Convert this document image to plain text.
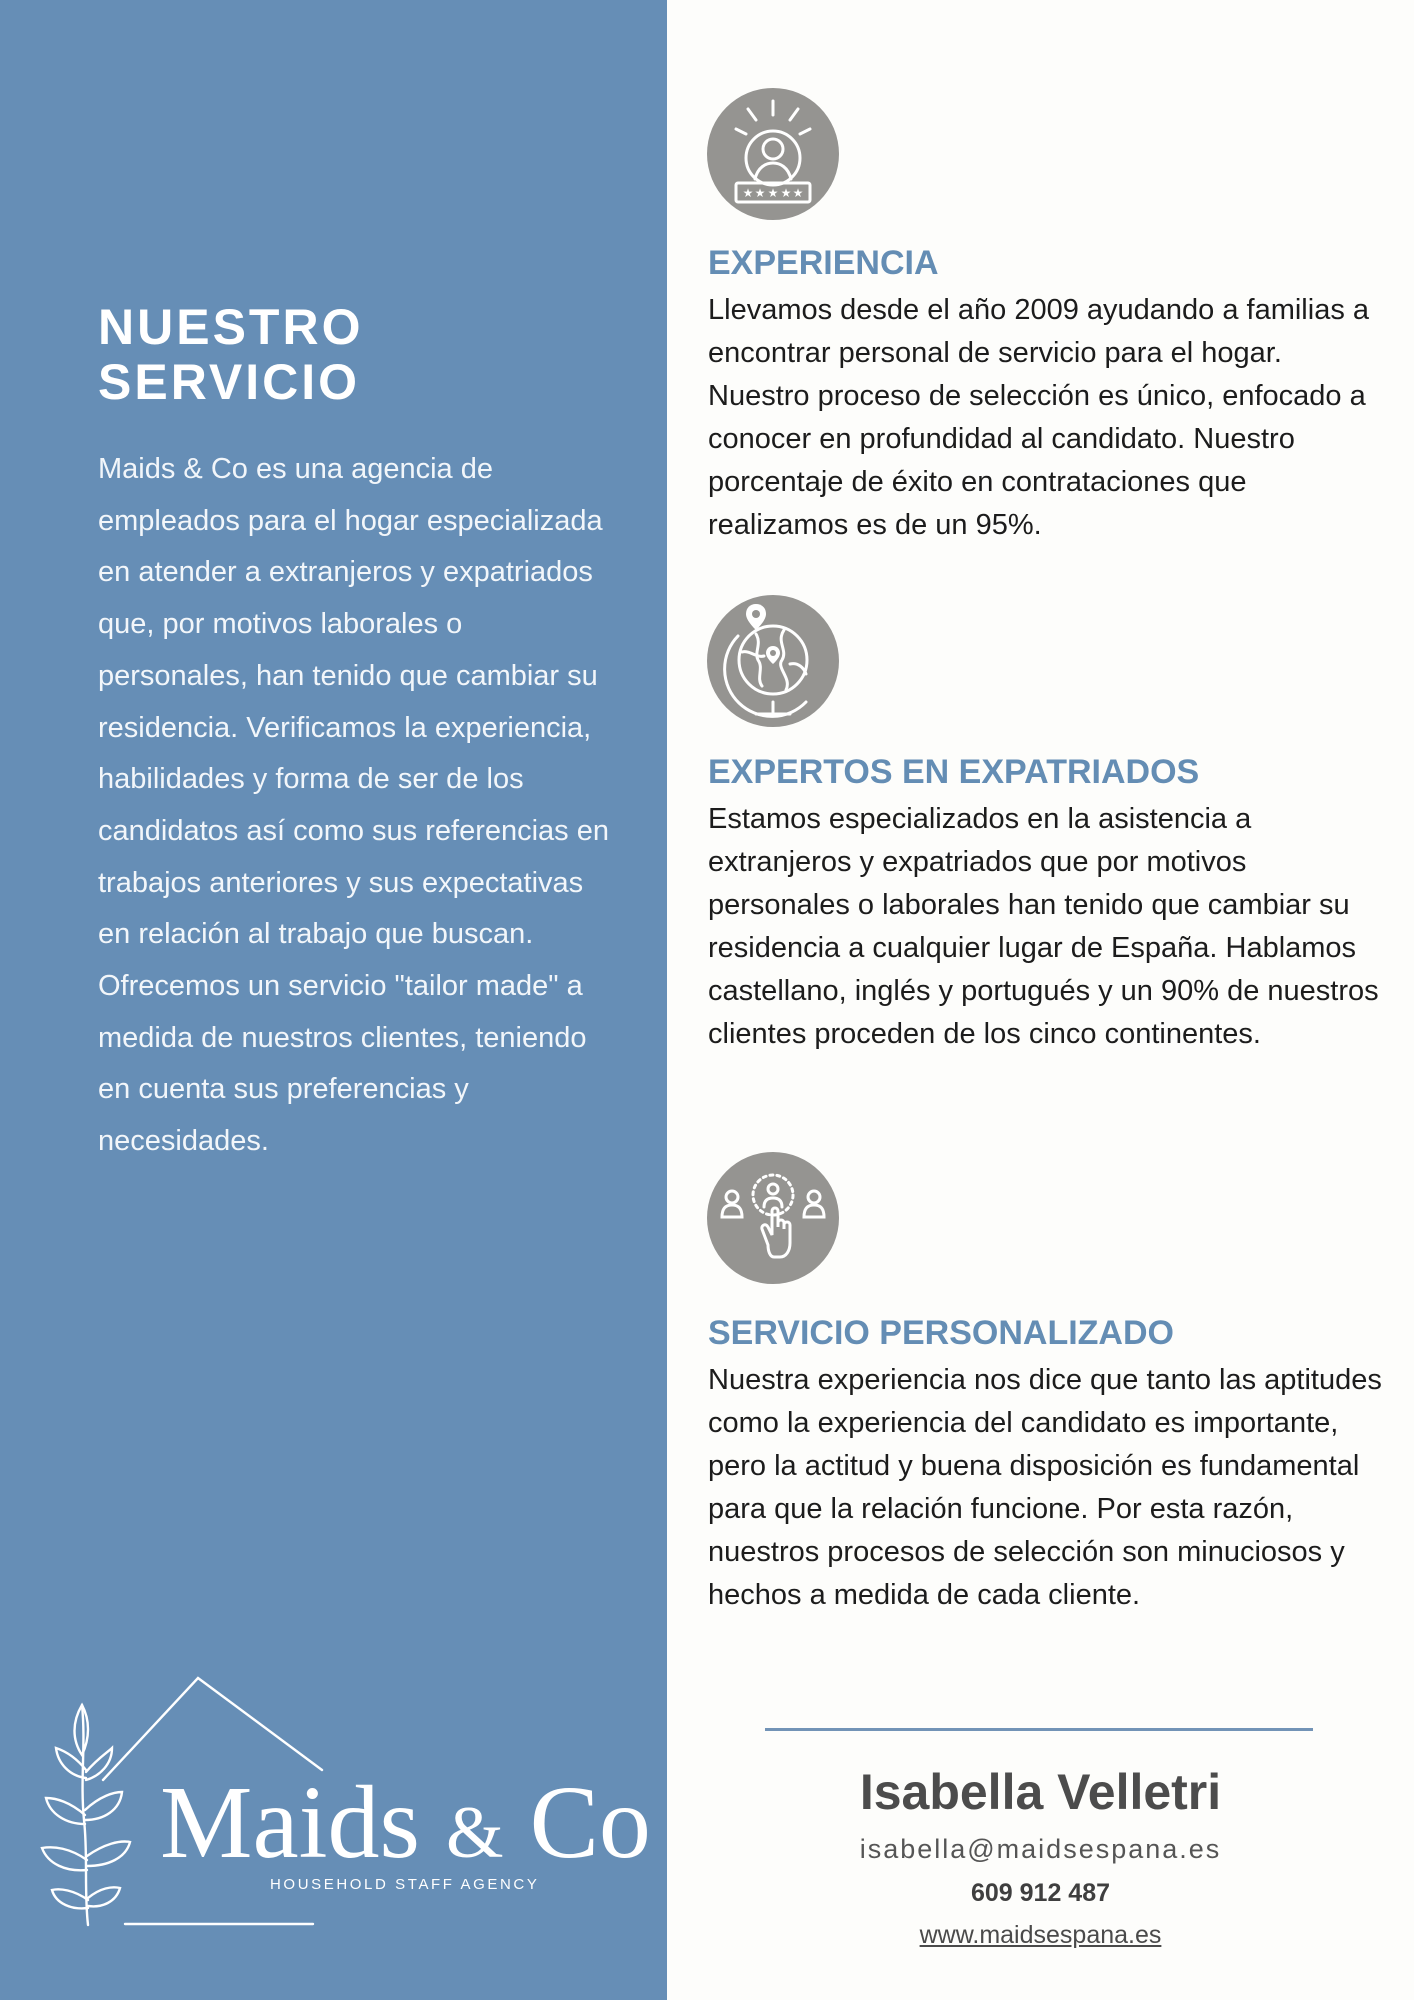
NUESTRO
SERVICIO

Maids & Co es una agencia de empleados para el hogar especializada en atender a extranjeros y expatriados que, por motivos laborales o personales, han tenido que cambiar su residencia. Verificamos la experiencia, habilidades y forma de ser de los candidatos así como sus referencias en trabajos anteriores y sus expectativas en relación al trabajo que buscan. Ofrecemos un servicio "tailor made" a medida de nuestros clientes, teniendo en cuenta sus preferencias y necesidades.

Maids & Co

HOUSEHOLD STAFF AGENCY

★ ★ ★ ★ ★
EXPERIENCIA

Llevamos desde el año 2009 ayudando a familias a encontrar personal de servicio para el hogar. Nuestro proceso de selección es único, enfocado a conocer en profundidad al candidato. Nuestro porcentaje de éxito en contrataciones que realizamos es de un 95%.

EXPERTOS EN EXPATRIADOS

Estamos especializados en la asistencia a extranjeros y expatriados que por motivos personales o laborales han tenido que cambiar su residencia a cualquier lugar de España. Hablamos castellano, inglés y portugués y un 90% de nuestros clientes proceden de los cinco continentes.

SERVICIO PERSONALIZADO

Nuestra experiencia nos dice que tanto las aptitudes como la experiencia del candidato es importante, pero la actitud y buena disposición es fundamental para que la relación funcione. Por esta razón, nuestros procesos de selección son minuciosos y hechos a medida de cada cliente.

Isabella Velletri

isabella@maidsespana.es

609 912 487

www.maidsespana.es
